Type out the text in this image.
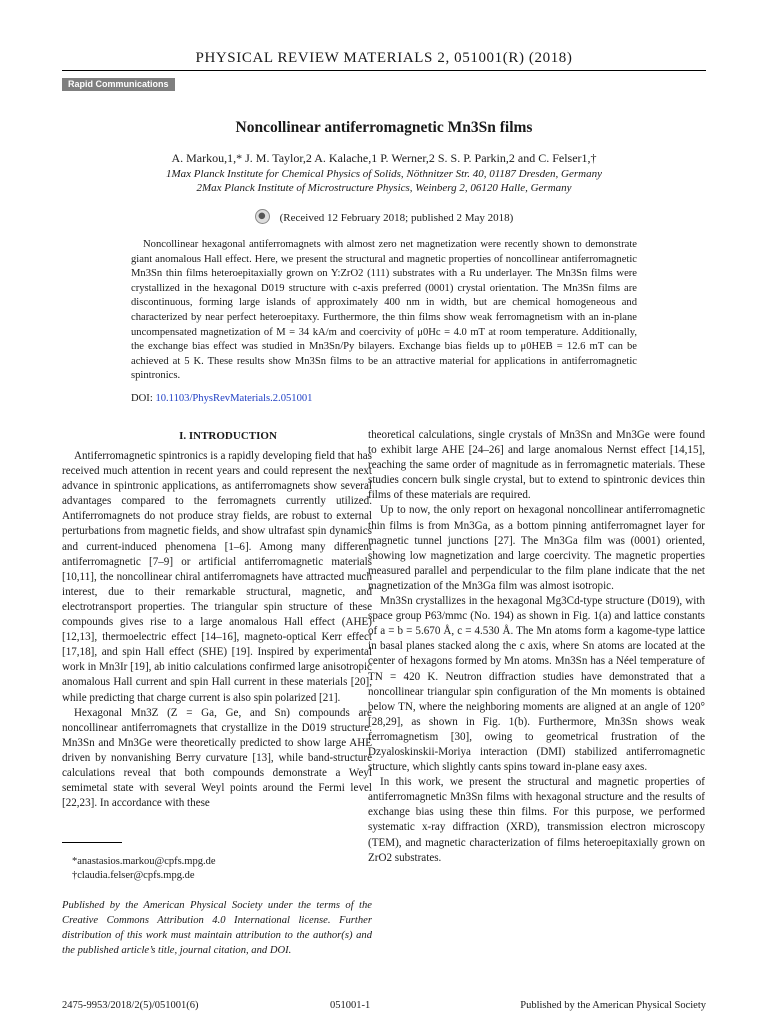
PHYSICAL REVIEW MATERIALS 2, 051001(R) (2018)
Rapid Communications
Noncollinear antiferromagnetic Mn3Sn films
A. Markou,1,* J. M. Taylor,2 A. Kalache,1 P. Werner,2 S. S. P. Parkin,2 and C. Felser1,†
1Max Planck Institute for Chemical Physics of Solids, Nöthnitzer Str. 40, 01187 Dresden, Germany
2Max Planck Institute of Microstructure Physics, Weinberg 2, 06120 Halle, Germany
(Received 12 February 2018; published 2 May 2018)
Noncollinear hexagonal antiferromagnets with almost zero net magnetization were recently shown to demonstrate giant anomalous Hall effect. Here, we present the structural and magnetic properties of noncollinear antiferromagnetic Mn3Sn thin films heteroepitaxially grown on Y:ZrO2 (111) substrates with a Ru underlayer. The Mn3Sn films were crystallized in the hexagonal D019 structure with c-axis preferred (0001) crystal orientation. The Mn3Sn films are discontinuous, forming large islands of approximately 400 nm in width, but are chemical homogeneous and characterized by near perfect heteroepitaxy. Furthermore, the thin films show weak ferromagnetism with an in-plane uncompensated magnetization of M = 34 kA/m and coercivity of μ0Hc = 4.0 mT at room temperature. Additionally, the exchange bias effect was studied in Mn3Sn/Py bilayers. Exchange bias fields up to μ0HEB = 12.6 mT can be achieved at 5 K. These results show Mn3Sn films to be an attractive material for applications in antiferromagnetic spintronics.
DOI: 10.1103/PhysRevMaterials.2.051001
I. INTRODUCTION

Antiferromagnetic spintronics is a rapidly developing field that has received much attention in recent years and could represent the next advance in spintronic applications, as antiferromagnets show several advantages compared to the ferromagnets currently utilized. Antiferromagnets do not produce stray fields, are robust to external perturbations from magnetic fields, and show ultrafast spin dynamics and current-induced phenomena [1–6]. Among many different antiferromagnetic [7–9] or artificial antiferromagnetic materials [10,11], the noncollinear chiral antiferromagnets have attracted much interest, due to their remarkable structural, magnetic, and electrotransport properties. The triangular spin structure of these compounds gives rise to a large anomalous Hall effect (AHE) [12,13], thermoelectric effect [14–16], magneto-optical Kerr effect [17,18], and spin Hall effect (SHE) [19]. Inspired by experimental work in Mn3Ir [19], ab initio calculations confirmed large anisotropic anomalous Hall current and spin Hall current in these materials [20], while predicting that charge current is also spin polarized [21].

Hexagonal Mn3Z (Z = Ga, Ge, and Sn) compounds are noncollinear antiferromagnets that crystallize in the D019 structure. Mn3Sn and Mn3Ge were theoretically predicted to show large AHE driven by nonvanishing Berry curvature [13], while band-structure calculations reveal that both compounds demonstrate a Weyl semimetal state with several Weyl points around the Fermi level [22,23]. In accordance with these

theoretical calculations, single crystals of Mn3Sn and Mn3Ge were found to exhibit large AHE [24–26] and large anomalous Nernst effect [14,15], reaching the same order of magnitude as in ferromagnetic materials. These studies concern bulk single crystal, but to extend to spintronic devices thin films of these materials are required.

Up to now, the only report on hexagonal noncollinear antiferromagnetic thin films is from Mn3Ga, as a bottom pinning antiferromagnet layer for magnetic tunnel junctions [27]. The Mn3Ga film was (0001) oriented, showing low magnetization and large coercivity. The magnetic properties measured parallel and perpendicular to the film plane indicate that the net magnetization of the Mn3Ga film was almost isotropic.

Mn3Sn crystallizes in the hexagonal Mg3Cd-type structure (D019), with space group P63/mmc (No. 194) as shown in Fig. 1(a) and lattice constants of a = b = 5.670 Å, c = 4.530 Å. The Mn atoms form a kagome-type lattice in basal planes stacked along the c axis, where Sn atoms are located at the center of hexagons formed by Mn atoms. Mn3Sn has a Néel temperature of TN = 420 K. Neutron diffraction studies have demonstrated that a noncollinear triangular spin configuration of the Mn moments is obtained below TN, where the neighboring moments are aligned at an angle of 120° [28,29], as shown in Fig. 1(b). Furthermore, Mn3Sn shows weak ferromagnetism [30], owing to geometrical frustration of the Dzyaloskinskii-Moriya interaction (DMI) stabilized antiferromagnetic structure, which slightly cants spins toward in-plane easy axes.

In this work, we present the structural and magnetic properties of antiferromagnetic Mn3Sn films with hexagonal structure and the results of exchange bias using these thin films. For this purpose, we performed systematic x-ray diffraction (XRD), transmission electron microscopy (TEM), and magnetic characterization of films heteroepitaxially grown on ZrO2 substrates.

*anastasios.markou@cpfs.mpg.de
†claudia.felser@cpfs.mpg.de
Published by the American Physical Society under the terms of the Creative Commons Attribution 4.0 International license. Further distribution of this work must maintain attribution to the author(s) and the published article’s title, journal citation, and DOI.
2475-9953/2018/2(5)/051001(6)	051001-1	Published by the American Physical Society
